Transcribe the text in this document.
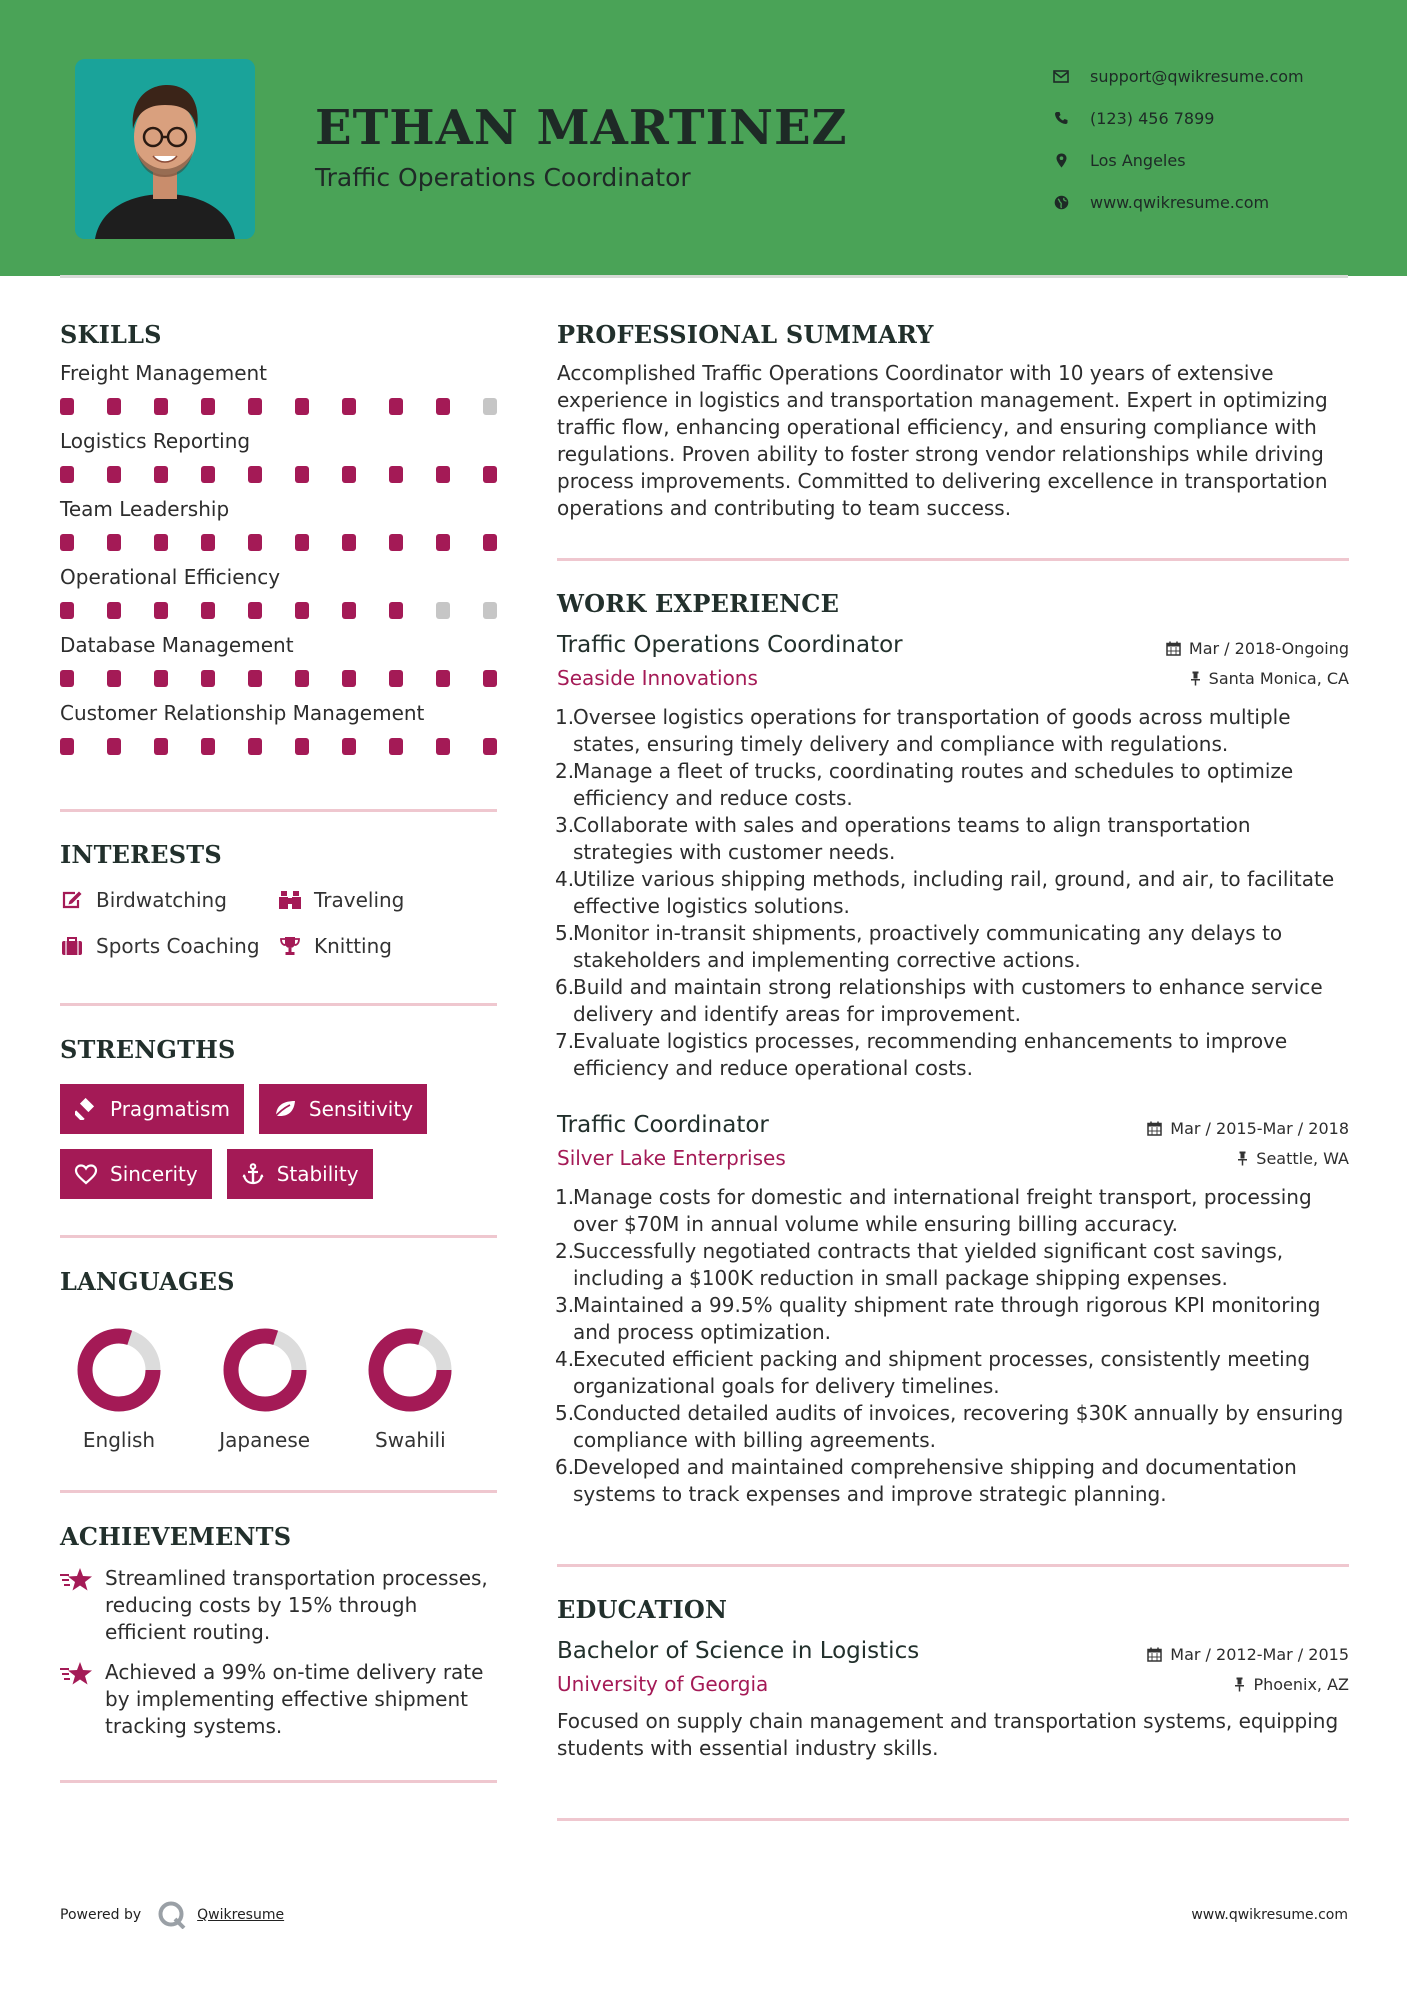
ETHAN MARTINEZ
Traffic Operations Coordinator
support@qwikresume.com
(123) 456 7899
Los Angeles
www.qwikresume.com
SKILLS
Freight Management
Logistics Reporting
Team Leadership
Operational Efficiency
Database Management
Customer Relationship Management
INTERESTS
Birdwatching	Traveling
Sports Coaching	Knitting
STRENGTHS
Pragmatism	Sensitivity
Sincerity	Stability
LANGUAGES
English	Japanese	Swahili
ACHIEVEMENTS
Streamlined transportation processes, reducing costs by 15% through efficient routing.
Achieved a 99% on-time delivery rate by implementing effective shipment tracking systems.
PROFESSIONAL SUMMARY
Accomplished Traffic Operations Coordinator with 10 years of extensive experience in logistics and transportation management. Expert in optimizing traffic flow, enhancing operational efficiency, and ensuring compliance with regulations. Proven ability to foster strong vendor relationships while driving process improvements. Committed to delivering excellence in transportation operations and contributing to team success.
WORK EXPERIENCE
Traffic Operations Coordinator	Mar / 2018-Ongoing
Seaside Innovations	Santa Monica, CA
1.
Oversee logistics operations for transportation of goods across multiple states, ensuring timely delivery and compliance with regulations.
2.
Manage a fleet of trucks, coordinating routes and schedules to optimize efficiency and reduce costs.
3.
Collaborate with sales and operations teams to align transportation strategies with customer needs.
4.
Utilize various shipping methods, including rail, ground, and air, to facilitate effective logistics solutions.
5.
Monitor in-transit shipments, proactively communicating any delays to stakeholders and implementing corrective actions.
6.
Build and maintain strong relationships with customers to enhance service delivery and identify areas for improvement.
7.
Evaluate logistics processes, recommending enhancements to improve efficiency and reduce operational costs.
Traffic Coordinator	Mar / 2015-Mar / 2018
Silver Lake Enterprises	Seattle, WA
1.
Manage costs for domestic and international freight transport, processing over $70M in annual volume while ensuring billing accuracy.
2.
Successfully negotiated contracts that yielded significant cost savings, including a $100K reduction in small package shipping expenses.
3.
Maintained a 99.5% quality shipment rate through rigorous KPI monitoring and process optimization.
4.
Executed efficient packing and shipment processes, consistently meeting organizational goals for delivery timelines.
5.
Conducted detailed audits of invoices, recovering $30K annually by ensuring compliance with billing agreements.
6.
Developed and maintained comprehensive shipping and documentation systems to track expenses and improve strategic planning.
EDUCATION
Bachelor of Science in Logistics	Mar / 2012-Mar / 2015
University of Georgia	Phoenix, AZ
Focused on supply chain management and transportation systems, equipping students with essential industry skills.
Powered by	Qwikresume	www.qwikresume.com
